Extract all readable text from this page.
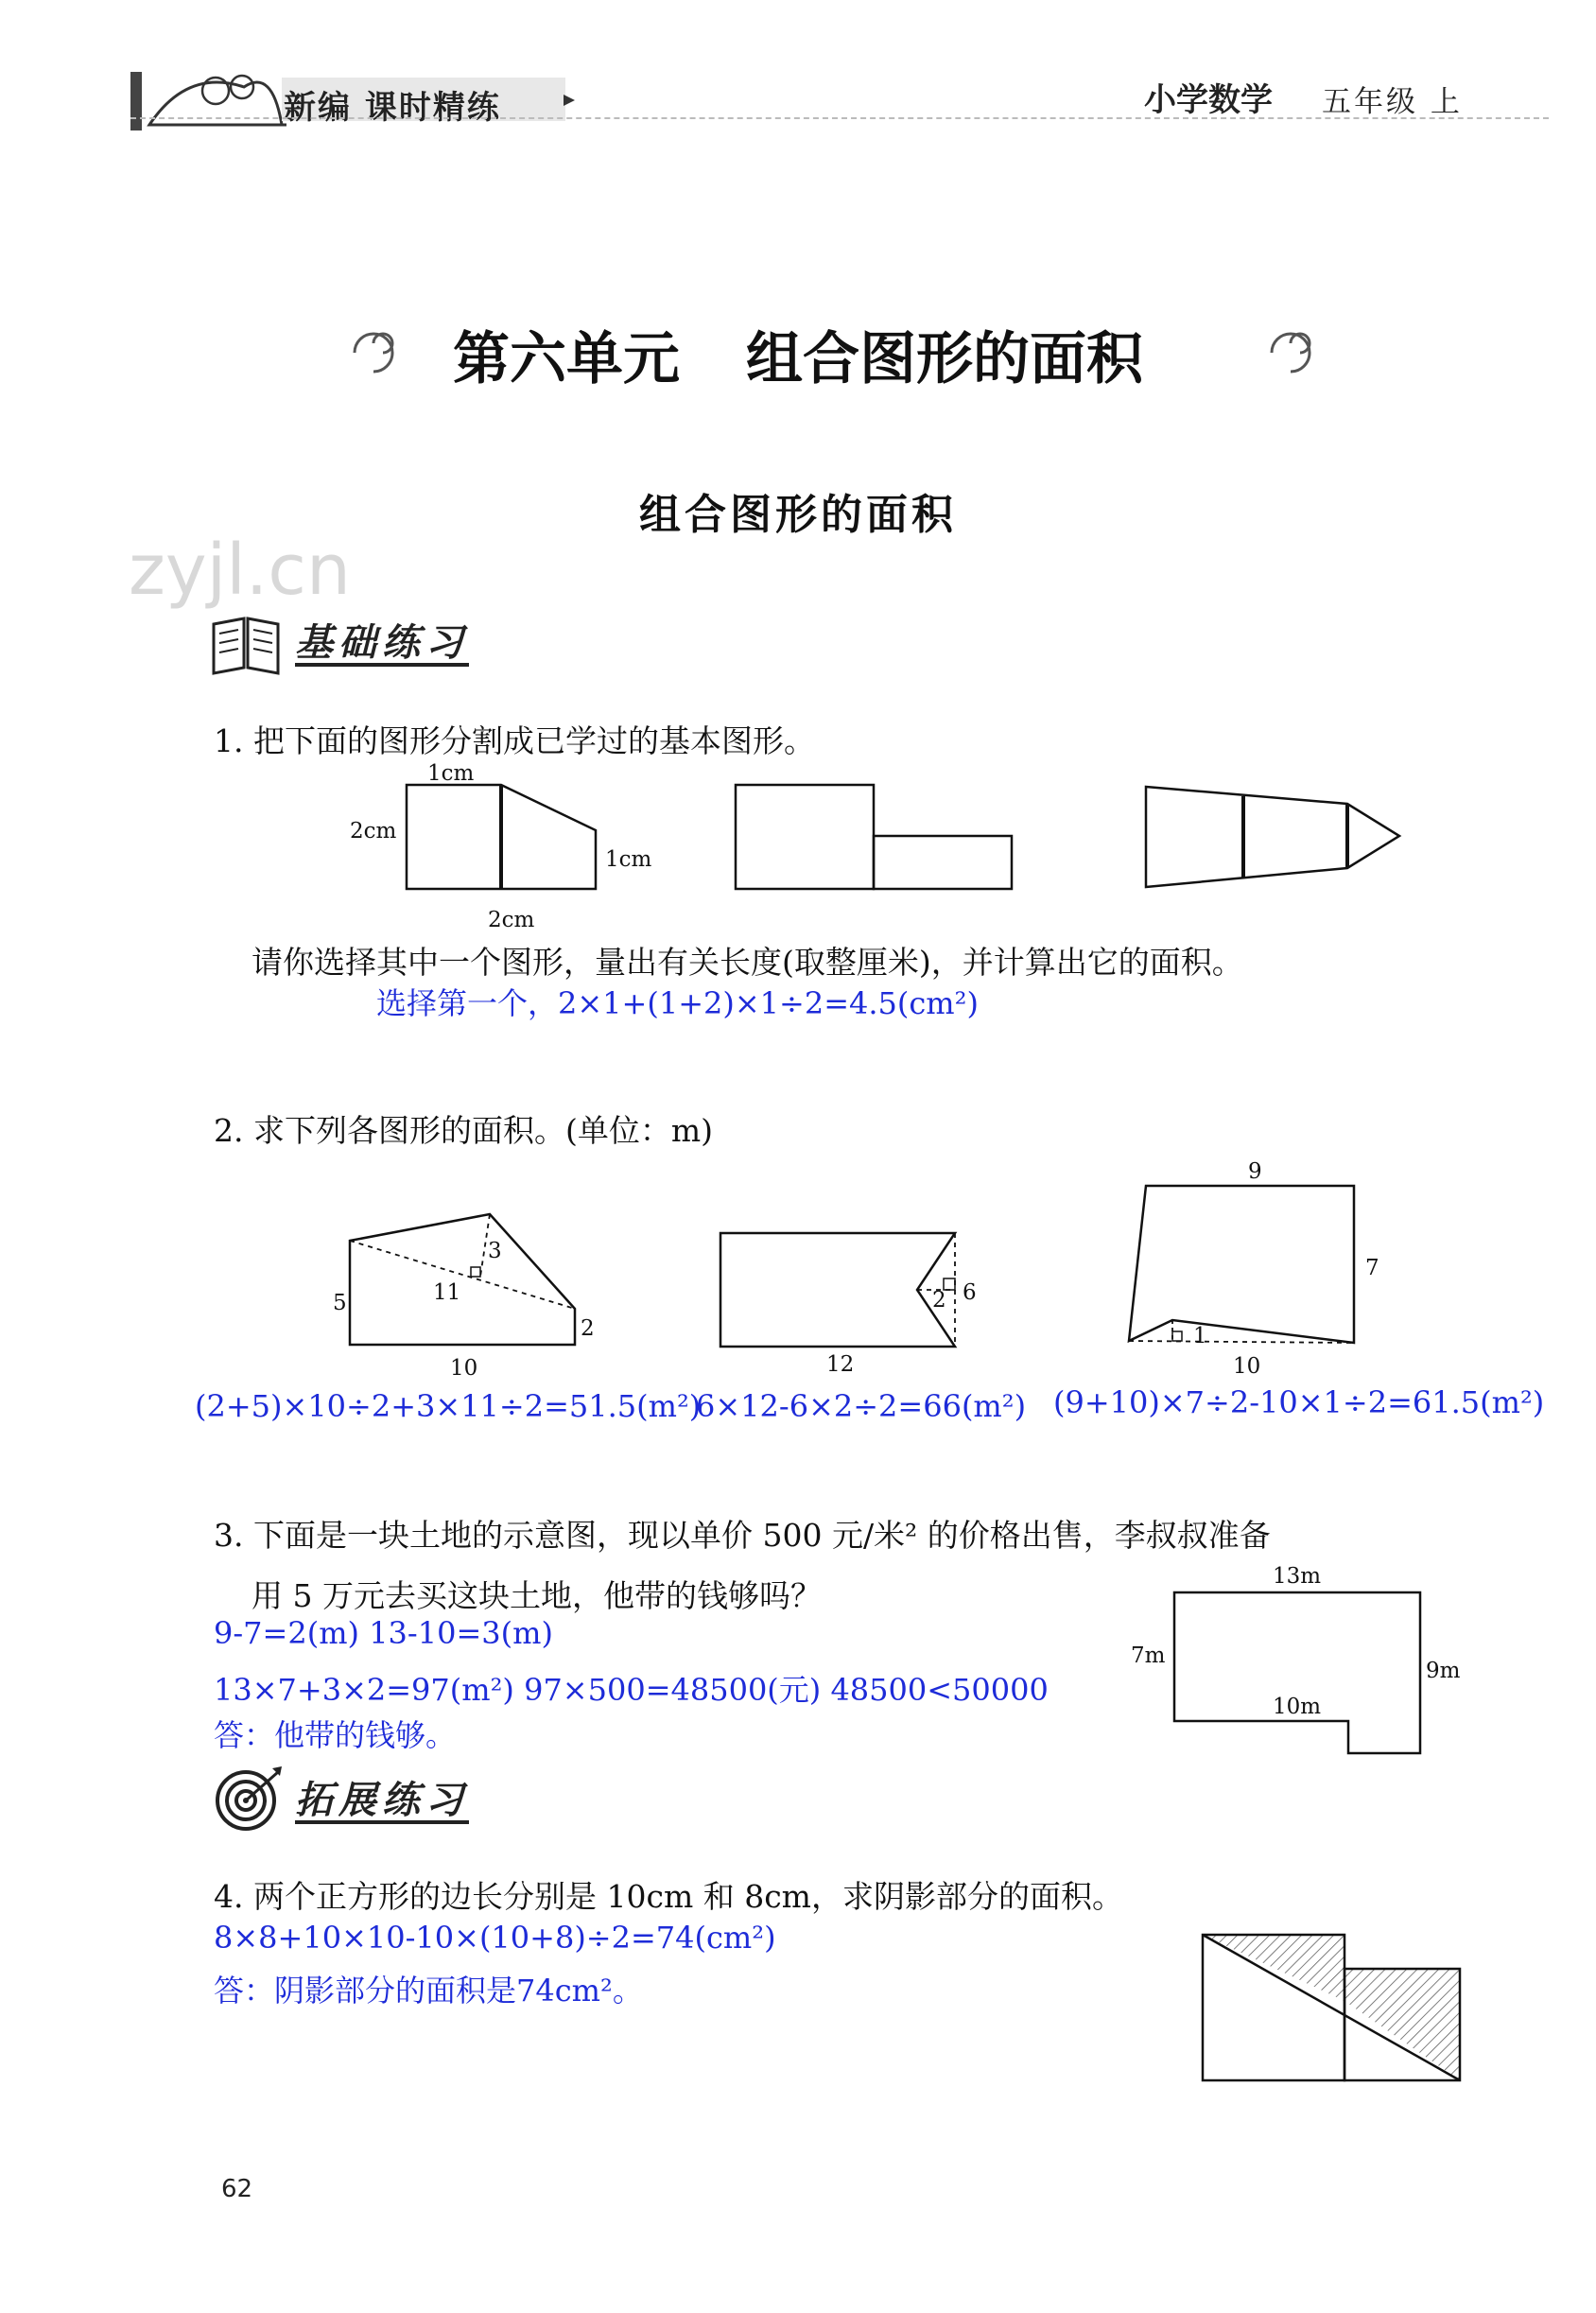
新编 课时精练	小学数学 五年级 上
第六单元 组合图形的面积
组合图形的面积
zyjl.cn
基础练习
1. 把下面的图形分割成已学过的基本图形。
1cm
2cm
1cm
2cm
请你选择其中一个图形，量出有关长度(取整厘米)，并计算出它的面积。
选择第一个，2×1+(1+2)×1÷2=4.5(cm²)
2. 求下列各图形的面积。(单位：m)
5	11
3
2
10
6
2
12
9
7
1
10
(2+5)×10÷2+3×11÷2=51.5(m²)
6×12-6×2÷2=66(m²) (9+10)×7÷2-10×1÷2=61.5(m²)
3. 下面是一块土地的示意图，现以单价 500 元/米² 的价格出售，李叔叔准备
用 5 万元去买这块土地，他带的钱够吗？
9-7=2(m) 13-10=3(m)
13×7+3×2=97(m²) 97×500=48500(元) 48500<50000
答：他带的钱够。
13m
7m
9m
10m
拓展练习
4. 两个正方形的边长分别是 10cm 和 8cm，求阴影部分的面积。
8×8+10×10-10×(10+8)÷2=74(cm²)
答：阴影部分的面积是74cm²。
62
